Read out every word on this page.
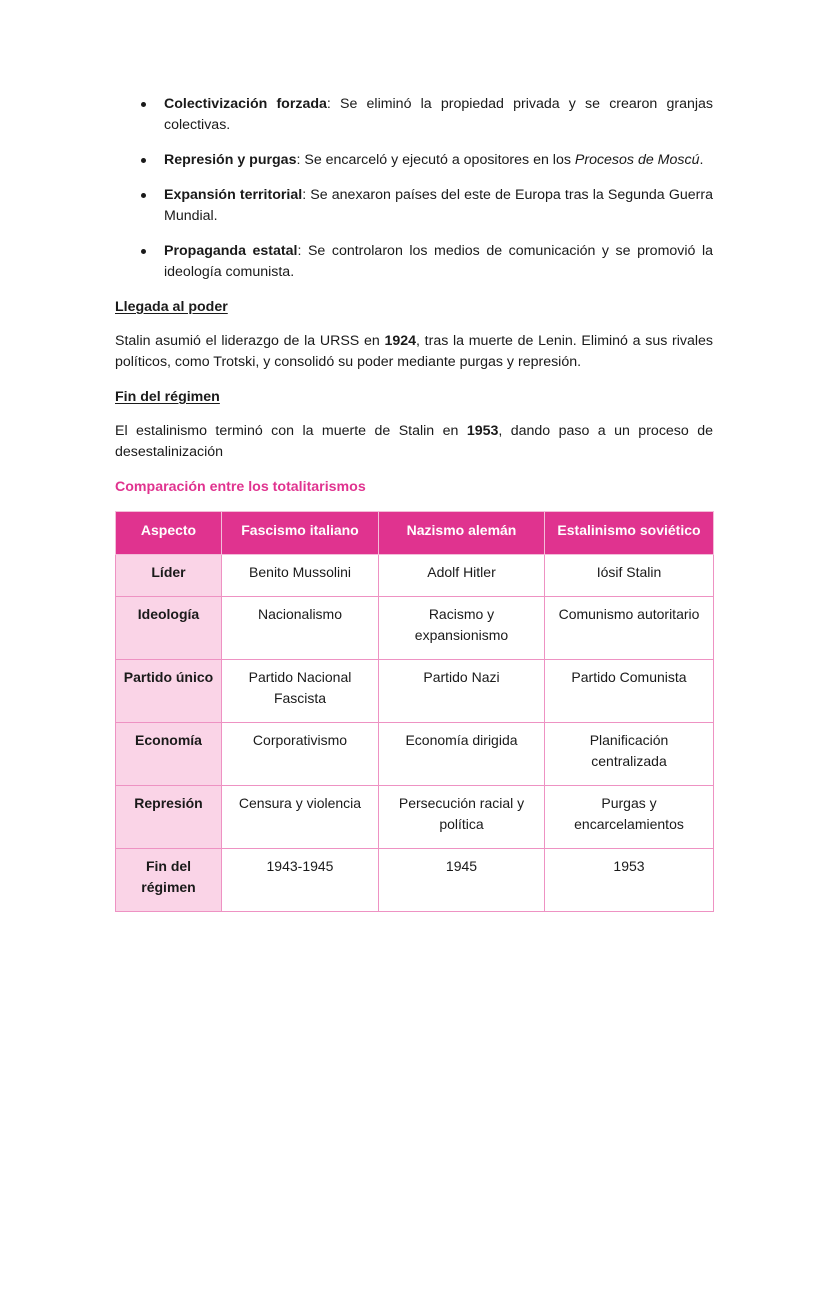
Colectivización forzada: Se eliminó la propiedad privada y se crearon granjas colectivas.
Represión y purgas: Se encarceló y ejecutó a opositores en los Procesos de Moscú.
Expansión territorial: Se anexaron países del este de Europa tras la Segunda Guerra Mundial.
Propaganda estatal: Se controlaron los medios de comunicación y se promovió la ideología comunista.

Llegada al poder

Stalin asumió el liderazgo de la URSS en 1924, tras la muerte de Lenin. Eliminó a sus rivales políticos, como Trotski, y consolidó su poder mediante purgas y represión.

Fin del régimen

El estalinismo terminó con la muerte de Stalin en 1953, dando paso a un proceso de desestalinización

Comparación entre los totalitarismos

Aspecto	Fascismo italiano	Nazismo alemán	Estalinismo soviético
Líder	Benito Mussolini	Adolf Hitler	Iósif Stalin
Ideología	Nacionalismo	Racismo y expansionismo	Comunismo autoritario
Partido único	Partido Nacional Fascista	Partido Nazi	Partido Comunista
Economía	Corporativismo	Economía dirigida	Planificación centralizada
Represión	Censura y violencia	Persecución racial y política	Purgas y encarcelamientos
Fin del régimen	1943-1945	1945	1953
